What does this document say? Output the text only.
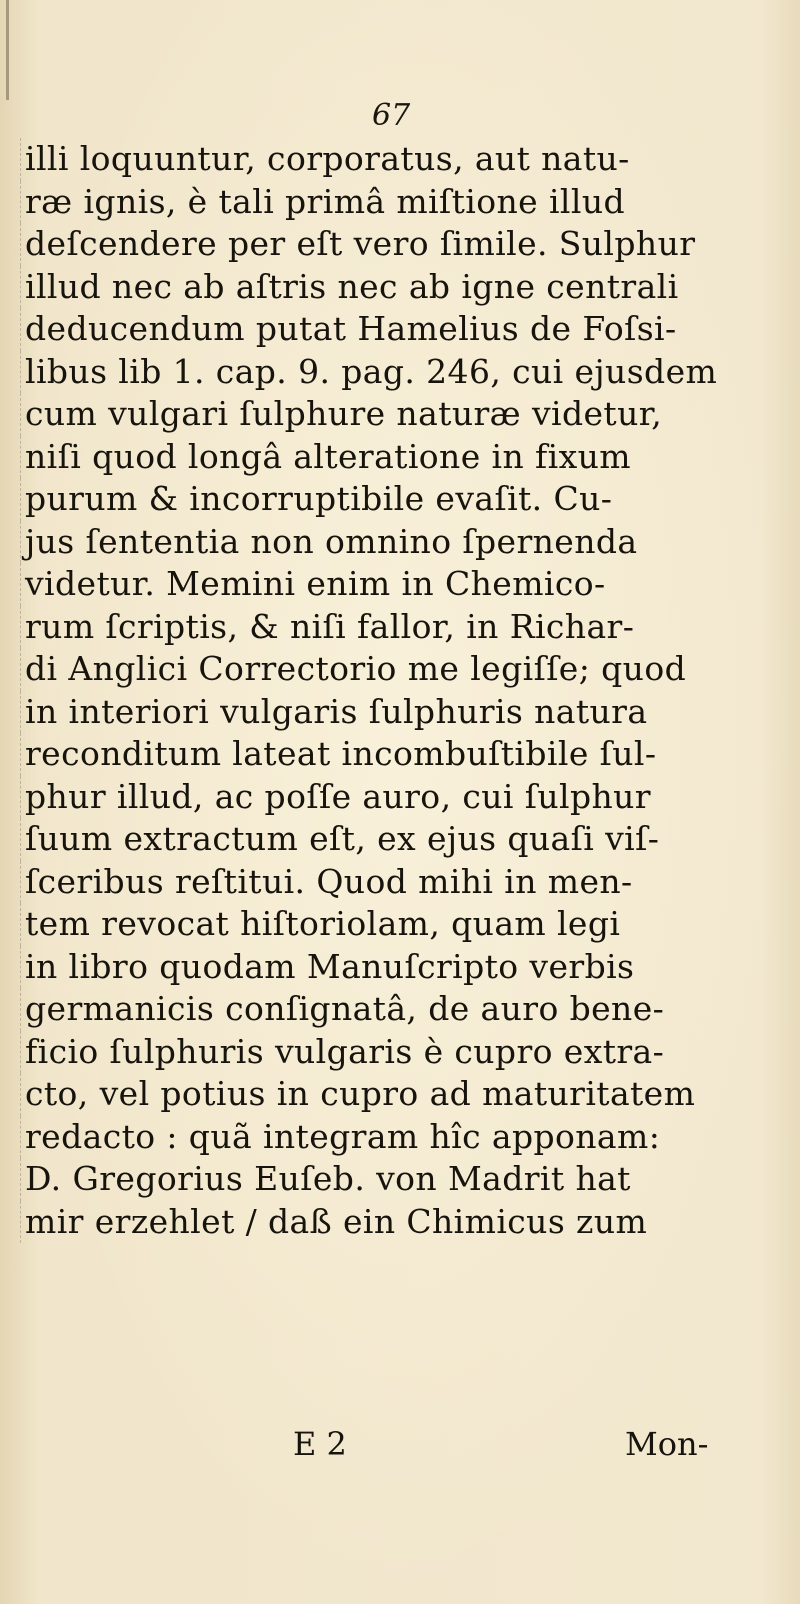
67
illi loquuntur, corporatus, aut natu-
ræ ignis, è tali primâ miſtione illud
deſcendere per eſt vero ſimile. Sulphur
illud nec ab aſtris nec ab igne centrali
deducendum putat Hamelius de Foſsi-
libus lib 1. cap. 9. pag. 246, cui ejusdem
cum vulgari ſulphure naturæ videtur,
niſi quod longâ alteratione in fixum
purum & incorruptibile evaſit. Cu-
jus ſententia non omnino ſpernenda
videtur. Memini enim in Chemico-
rum ſcriptis, & niſi fallor, in Richar-
di Anglici Correctorio me legiſſe; quod
in interiori vulgaris ſulphuris natura
reconditum lateat incombuſtibile ſul-
phur illud, ac poſſe auro, cui ſulphur
ſuum extractum eſt, ex ejus quaſi viſ-
ſceribus reſtitui. Quod mihi in men-
tem revocat hiſtoriolam, quam legi
in libro quodam Manuſcripto verbis
germanicis conſignatâ, de auro bene-
ficio ſulphuris vulgaris è cupro extra-
cto, vel potius in cupro ad maturitatem
redacto : quã integram hîc apponam:
D. Gregorius Euſeb. von Madrit hat
mir erzehlet / daß ein Chimicus zum
E 2	Mon-
